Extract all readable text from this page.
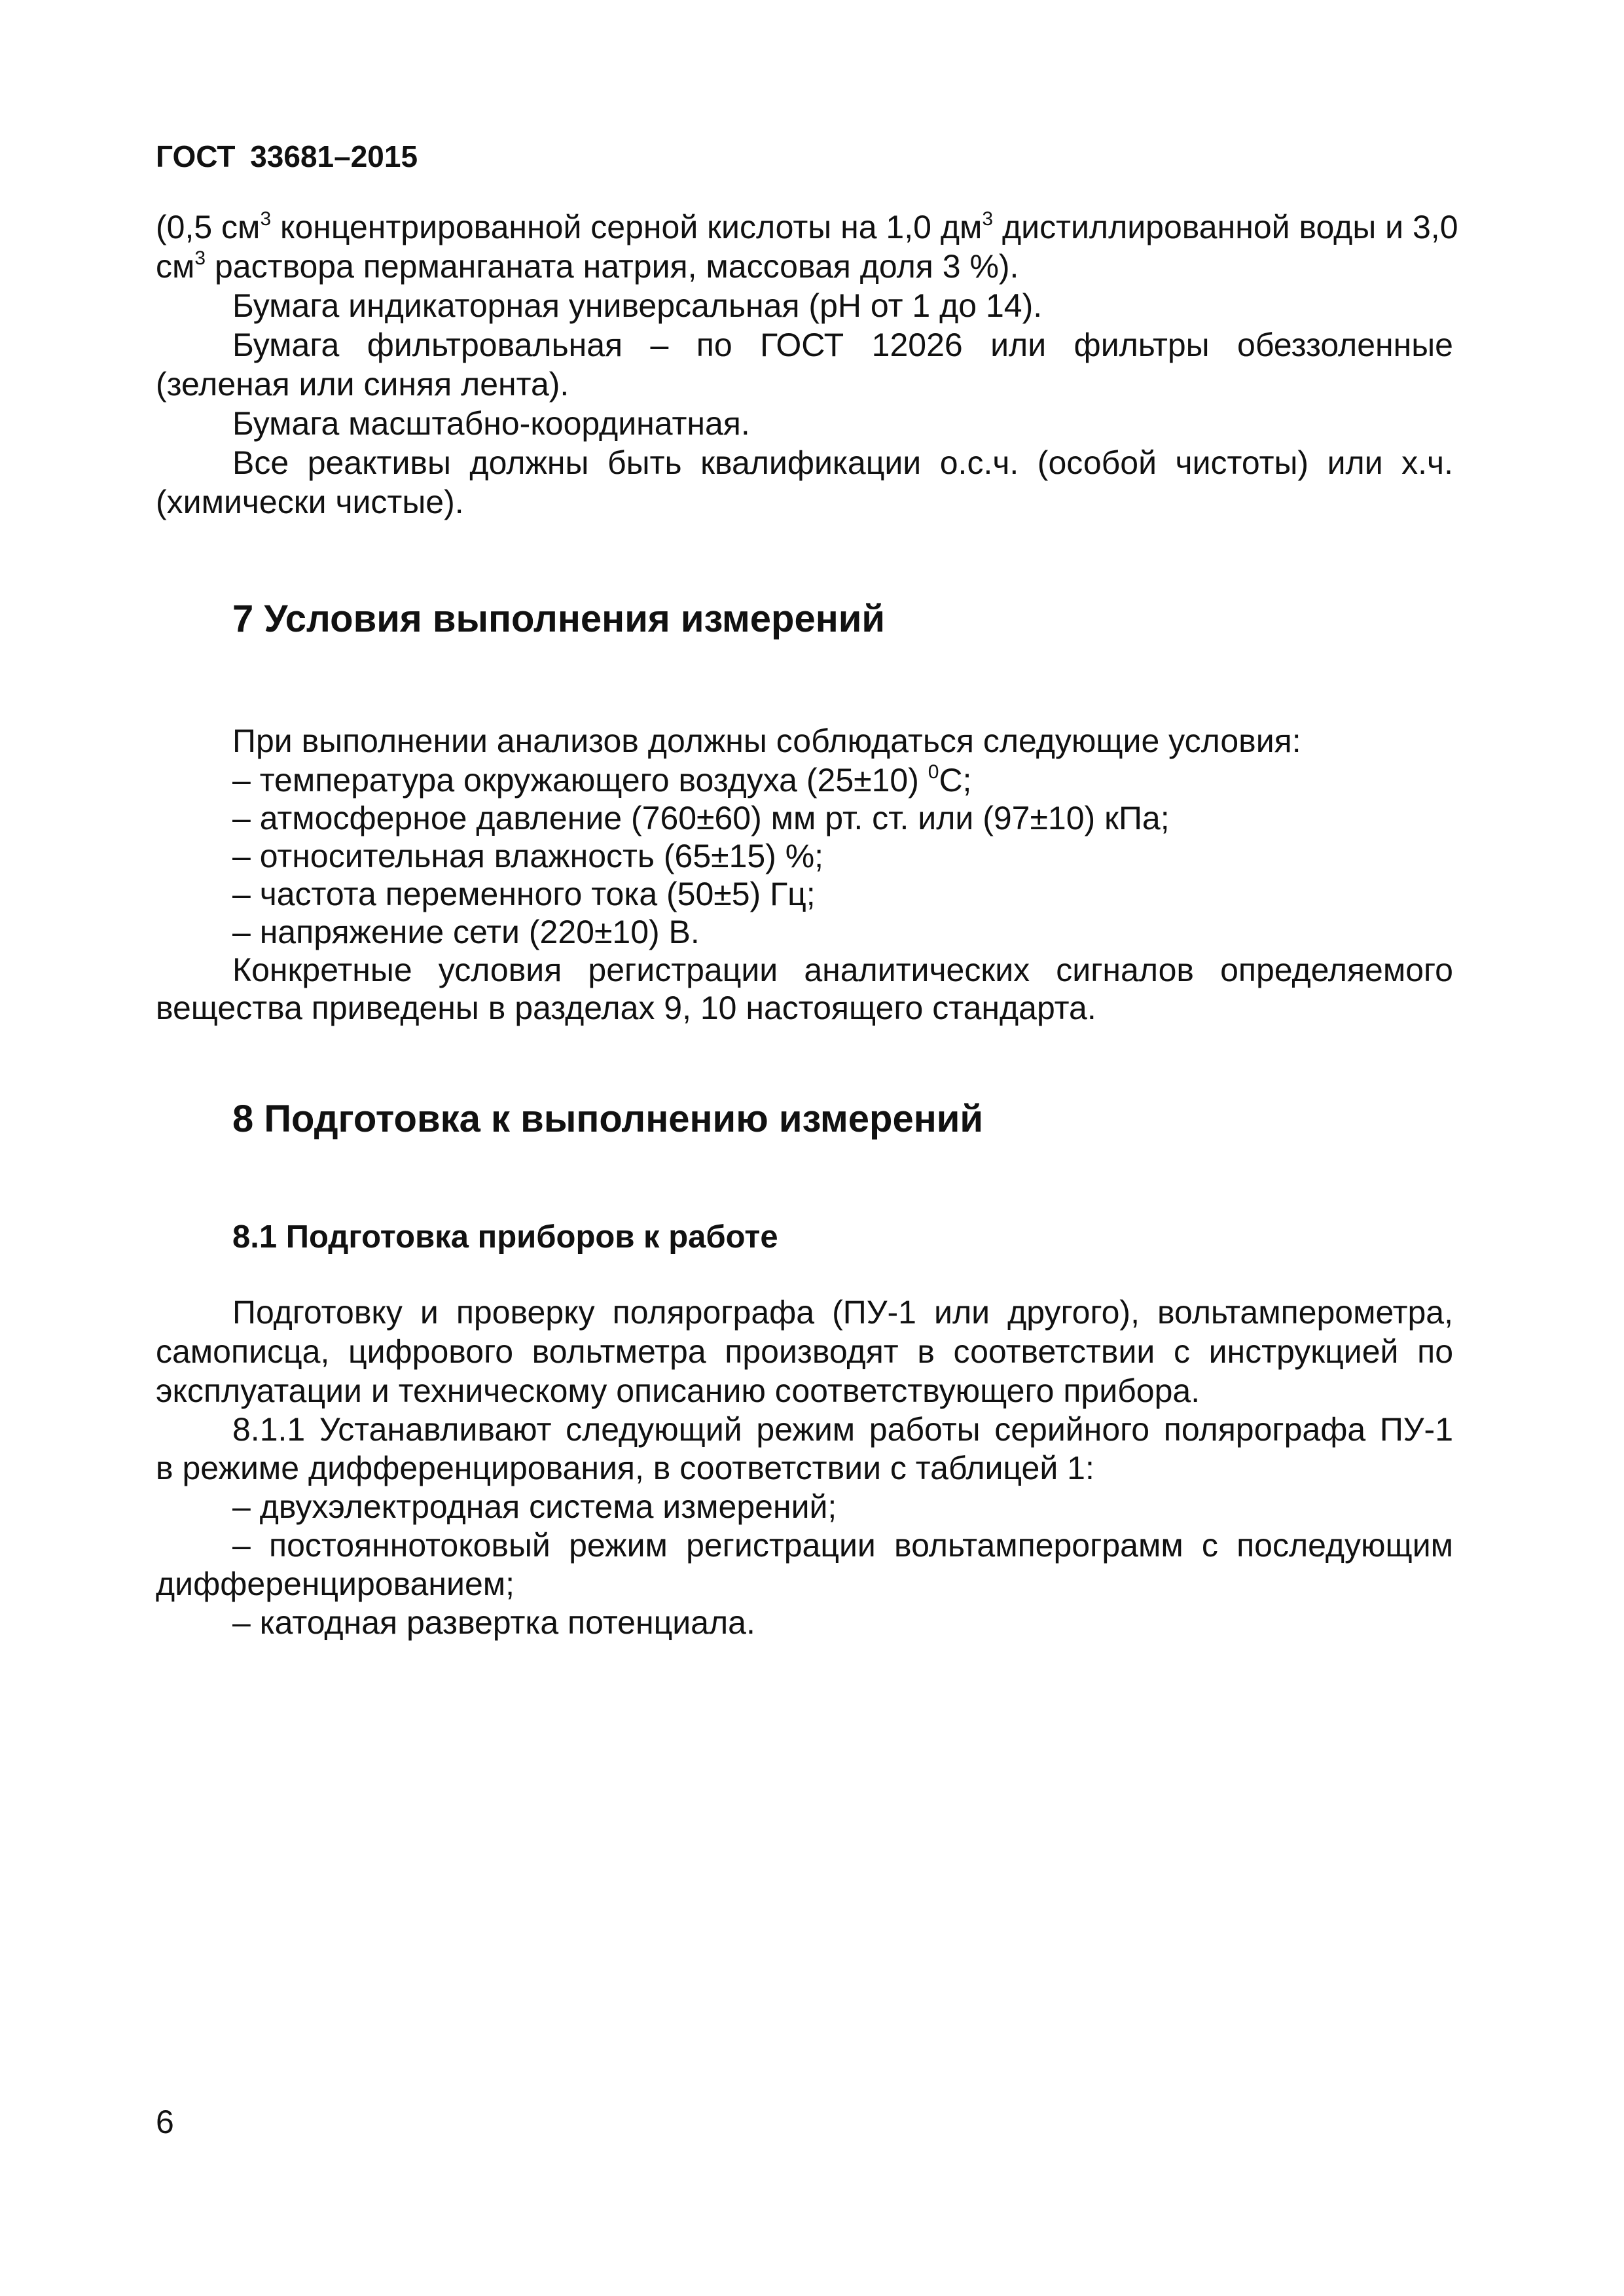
ГОСТ 33681–2015
(0,5 $см^3$ концентрированной серной кислоты на 1,0 $дм^3$ дистиллированной воды и 3,0
$см^3$ раствора перманганата натрия, массовая доля 3 %).
Бумага индикаторная универсальная (pH от 1 до 14).
Бумага фильтровальная – по ГОСТ 12026 или фильтры обеззоленные
(зеленая или синяя лента).
Бумага масштабно-координатная.
Все реактивы должны быть квалификации о.с.ч. (особой чистоты) или х.ч.
(химически чистые).
7 Условия выполнения измерений
При выполнении анализов должны соблюдаться следующие условия:
– температура окружающего воздуха (25±10) $^0$С;
– атмосферное давление (760±60) мм рт. ст. или (97±10) кПа;
– относительная влажность (65±15) %;
– частота переменного тока (50±5) Гц;
– напряжение сети (220±10) В.
Конкретные условия регистрации аналитических сигналов определяемого
вещества приведены в разделах 9, 10 настоящего стандарта.
8 Подготовка к выполнению измерений
8.1 Подготовка приборов к работе
Подготовку и проверку полярографа (ПУ-1 или другого), вольтамперометра,
самописца, цифрового вольтметра производят в соответствии с инструкцией по
эксплуатации и техническому описанию соответствующего прибора.
8.1.1 Устанавливают следующий режим работы серийного полярографа ПУ-1
в режиме дифференцирования, в соответствии с таблицей 1:
– двухэлектродная система измерений;
– постояннотоковый режим регистрации вольтамперограмм с последующим
дифференцированием;
– катодная развертка потенциала.
6
